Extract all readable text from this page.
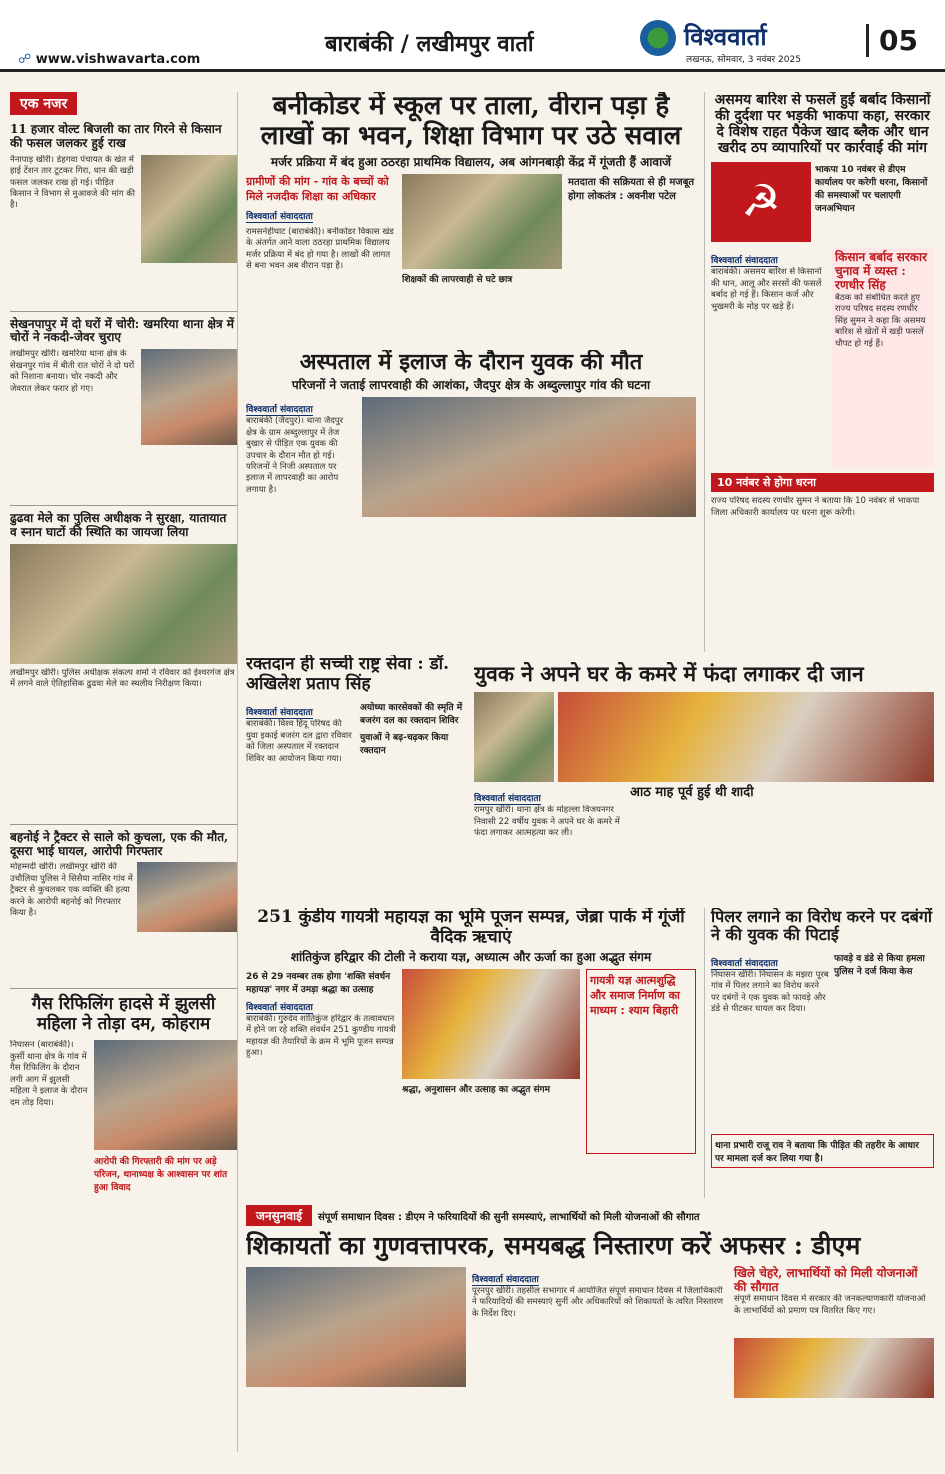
बाराबंकी / लखीमपुर वार्ता
☍ www.vishwavarta.com
विश्ववार्ता
लखनऊ, सोमवार, 3 नवंबर 2025
05
एक नजर
11 हजार वोल्ट बिजली का तार गिरने से किसान की फसल जलकर हुई राख
नैनापाड़ खीरी। डेहगवा पंचायत के खेत में हाई टेंशन तार टूटकर गिरा, धान की खड़ी फसल जलकर राख हो गई। पीड़ित किसान ने विभाग से मुआवजे की मांग की है।
सेखनपापुर में दो घरों में चोरी: खमरिया थाना क्षेत्र में चोरों ने नकदी-जेवर चुराए
लखीमपुर खीरी। खमरिया थाना क्षेत्र के सेखनपुर गांव में बीती रात चोरों ने दो घरों को निशाना बनाया। चोर नकदी और जेवरात लेकर फरार हो गए।
ढुढवा मेले का पुलिस अधीक्षक ने सुरक्षा, यातायात व स्नान घाटों की स्थिति का जायजा लिया
लखीमपुर खीरी। पुलिस अधीक्षक संकल्प शर्मा ने रविवार को ईश्वरगंज क्षेत्र में लगने वाले ऐतिहासिक ढुढवा मेले का स्थलीय निरीक्षण किया।
बहनोई ने ट्रैक्टर से साले को कुचला, एक की मौत, दूसरा भाई घायल, आरोपी गिरफ्तार
मोहम्मदी खीरी। लखीमपुर खीरी की उचौलिया पुलिस ने सिसैया नासिर गांव में ट्रैक्टर से कुचलकर एक व्यक्ति की हत्या करने के आरोपी बहनोई को गिरफ्तार किया है।
गैस रिफिलिंग हादसे में झुलसी महिला ने तोड़ा दम, कोहराम
निघासन (बाराबंकी)। कुर्सी थाना क्षेत्र के गांव में गैस रिफिलिंग के दौरान लगी आग में झुलसी महिला ने इलाज के दौरान दम तोड़ दिया।
आरोपी की गिरफ्तारी की मांग पर अड़े परिजन, थानाध्यक्ष के आश्वासन पर शांत हुआ विवाद
बनीकोडर में स्कूल पर ताला, वीरान पड़ा है लाखों का भवन, शिक्षा विभाग पर उठे सवाल
मर्जर प्रक्रिया में बंद हुआ ठठरहा प्राथमिक विद्यालय, अब आंगनबाड़ी केंद्र में गूंजती हैं आवाजें
ग्रामीणों की मांग - गांव के बच्चों को मिले नजदीक शिक्षा का अधिकार
विश्ववार्ता संवाददाता
रामसनेहीघाट (बाराबंकी)। बनीकोडर विकास खंड के अंतर्गत आने वाला ठठरहा प्राथमिक विद्यालय मर्जर प्रक्रिया में बंद हो गया है। लाखों की लागत से बना भवन अब वीरान पड़ा है।
शिक्षकों की लापरवाही से घटे छात्र
मतदाता की सक्रियता से ही मजबूत होगा लोकतंत्र : अवनीश पटेल
असमय बारिश से फसलें हुईं बर्बाद किसानों की दुर्दशा पर भड़की भाकपा कहा, सरकार दे विशेष राहत पैकेज खाद ब्लैक और धान खरीद ठप व्यापारियों पर कार्रवाई की मांग
☭
भाकपा 10 नवंबर से डीएम कार्यालय पर करेगी धरना, किसानों की समस्याओं पर चलाएगी जनअभियान
विश्ववार्ता संवाददाता
बाराबंकी। असमय बारिश से किसानों की धान, आलू और सरसों की फसलें बर्बाद हो गई हैं। किसान कर्ज और भुखमरी के मोड़ पर खड़े हैं।
किसान बर्बाद सरकार चुनाव में व्यस्त : रणधीर सिंह
बैठक को संबोधित करते हुए राज्य परिषद सदस्य रणधीर सिंह सुमन ने कहा कि असमय बारिश से खेतों में खड़ी फसलें चौपट हो गई हैं।
10 नवंबर से होगा धरना
राज्य परिषद सदस्य रणधीर सुमन ने बताया कि 10 नवंबर से भाकपा जिला अधिकारी कार्यालय पर धरना शुरू करेगी।
अस्पताल में इलाज के दौरान युवक की मौत
परिजनों ने जताई लापरवाही की आशंका, जैदपुर क्षेत्र के अब्दुल्लापुर गांव की घटना
विश्ववार्ता संवाददाता
बाराबंकी (जैदपुर)। थाना जैदपुर क्षेत्र के ग्राम अब्दुल्लापुर में तेज बुखार से पीड़ित एक युवक की उपचार के दौरान मौत हो गई। परिजनों ने निजी अस्पताल पर इलाज में लापरवाही का आरोप लगाया है।
रक्तदान ही सच्ची राष्ट्र सेवा : डॉ. अखिलेश प्रताप सिंह
विश्ववार्ता संवाददाता
बाराबंकी। विश्व हिंदू परिषद की युवा इकाई बजरंग दल द्वारा रविवार को जिला अस्पताल में रक्तदान शिविर का आयोजन किया गया।
अयोध्या कारसेवकों की स्मृति में बजरंग दल का रक्तदान शिविर
युवाओं ने बढ़-चढ़कर किया रक्तदान
युवक ने अपने घर के कमरे में फंदा लगाकर दी जान
विश्ववार्ता संवाददाता
रामपुर खीरी। थाना क्षेत्र के मोहल्ला विजयनगर निवासी 22 वर्षीय युवक ने अपने घर के कमरे में फंदा लगाकर आत्महत्या कर ली।
आठ माह पूर्व हुई थी शादी
251 कुंडीय गायत्री महायज्ञ का भूमि पूजन सम्पन्न, जेब्रा पार्क में गूंजीं वैदिक ऋचाएं
शांतिकुंज हरिद्वार की टोली ने कराया यज्ञ, अध्यात्म और ऊर्जा का हुआ अद्भुत संगम
26 से 29 नवम्बर तक होगा 'शक्ति संवर्धन महायज्ञ' नगर में उमड़ा श्रद्धा का उत्साह
विश्ववार्ता संवाददाता
बाराबंकी। गुरुदेव शांतिकुंज हरिद्वार के तत्वावधान में होने जा रहे शक्ति संवर्धन 251 कुण्डीय गायत्री महायज्ञ की तैयारियों के क्रम में भूमि पूजन सम्पन्न हुआ।
श्रद्धा, अनुशासन और उत्साह का अद्भुत संगम
गायत्री यज्ञ आत्मशुद्धि और समाज निर्माण का माध्यम : श्याम बिहारी
पिलर लगाने का विरोध करने पर दबंगों ने की युवक की पिटाई
विश्ववार्ता संवाददाता
निघासन खीरी। निघासन के मझरा पूरब गांव में पिलर लगाने का विरोध करने पर दबंगों ने एक युवक को फावड़े और डंडे से पीटकर घायल कर दिया।
फावड़े व डंडे से किया हमला पुलिस ने दर्ज किया केस
थाना प्रभारी राजू राव ने बताया कि पीड़ित की तहरीर के आधार पर मामला दर्ज कर लिया गया है।
जनसुनवाई	संपूर्ण समाधान दिवस : डीएम ने फरियादियों की सुनी समस्याएं, लाभार्थियों को मिली योजनाओं की सौगात
शिकायतों का गुणवत्तापरक, समयबद्ध निस्तारण करें अफसर : डीएम
विश्ववार्ता संवाददाता
पूरनपुर खीरी। तहसील सभागार में आयोजित संपूर्ण समाधान दिवस में जिलाधिकारी ने फरियादियों की समस्याएं सुनीं और अधिकारियों को शिकायतों के त्वरित निस्तारण के निर्देश दिए।
खिले चेहरे, लाभार्थियों को मिली योजनाओं की सौगात
संपूर्ण समाधान दिवस में सरकार की जनकल्याणकारी योजनाओं के लाभार्थियों को प्रमाण पत्र वितरित किए गए।
